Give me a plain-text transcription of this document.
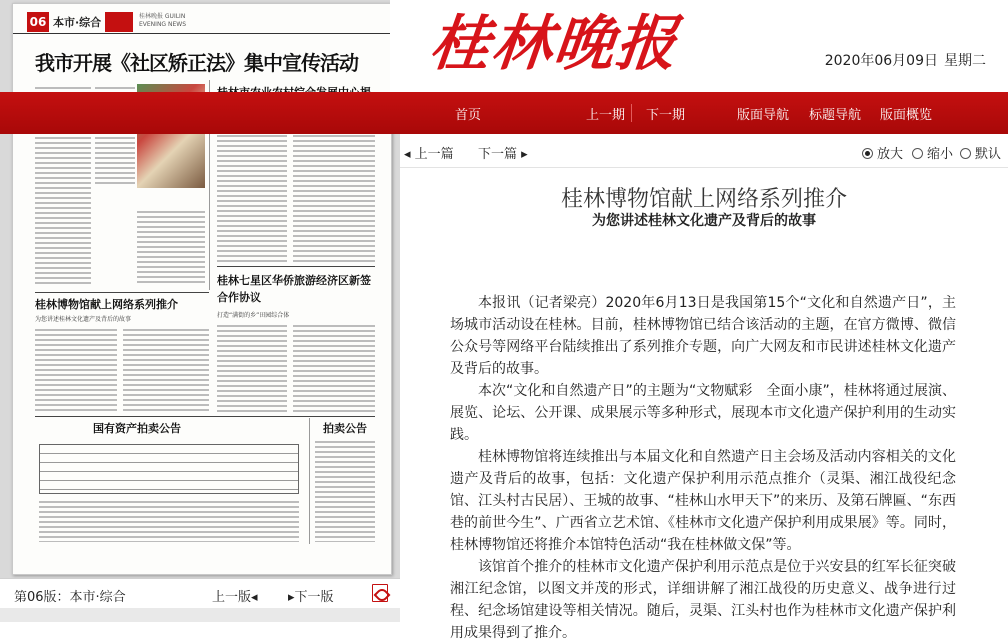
06 本市·综合	桂林晚报 GUILIN EVENING NEWS
我市开展《社区矫正法》集中宣传活动
桂林七星区华侨旅游经济区新签合作协议
打造“满街的乡”田园综合体
桂林博物馆献上网络系列推介
为您讲述桂林文化遗产及背后的故事
国有资产拍卖公告	拍卖公告
第06版：本市·综合	上一版◂ ▸下一版
桂林晚报	2020年06月09日 星期二
首页	上一期 下一期	版面导航 标题导航 版面概览
◂ 上一篇 下一篇 ▸	放大	缩小	默认
桂林博物馆献上网络系列推介
为您讲述桂林文化遗产及背后的故事

本报讯（记者梁亮）2020年6月13日是我国第15个“文化和自然遗产日”，主场城市活动设在桂林。目前，桂林博物馆已结合该活动的主题，在官方微博、微信公众号等网络平台陆续推出了系列推介专题，向广大网友和市民讲述桂林文化遗产及背后的故事。

本次“文化和自然遗产日”的主题为“文物赋彩　全面小康”，桂林将通过展演、展览、论坛、公开课、成果展示等多种形式，展现本市文化遗产保护利用的生动实践。

桂林博物馆将连续推出与本届文化和自然遗产日主会场及活动内容相关的文化遗产及背后的故事，包括：文化遗产保护利用示范点推介（灵渠、湘江战役纪念馆、江头村古民居）、王城的故事、“桂林山水甲天下”的来历、及第石牌匾、“东西巷的前世今生”、广西省立艺术馆、《桂林市文化遗产保护利用成果展》等。同时，桂林博物馆还将推介本馆特色活动“我在桂林做文保”等。

该馆首个推介的桂林市文化遗产保护利用示范点是位于兴安县的红军长征突破湘江纪念馆，以图文并茂的形式，详细讲解了湘江战役的历史意义、战争进行过程、纪念场馆建设等相关情况。随后，灵渠、江头村也作为桂林市文化遗产保护利用成果得到了推介。
